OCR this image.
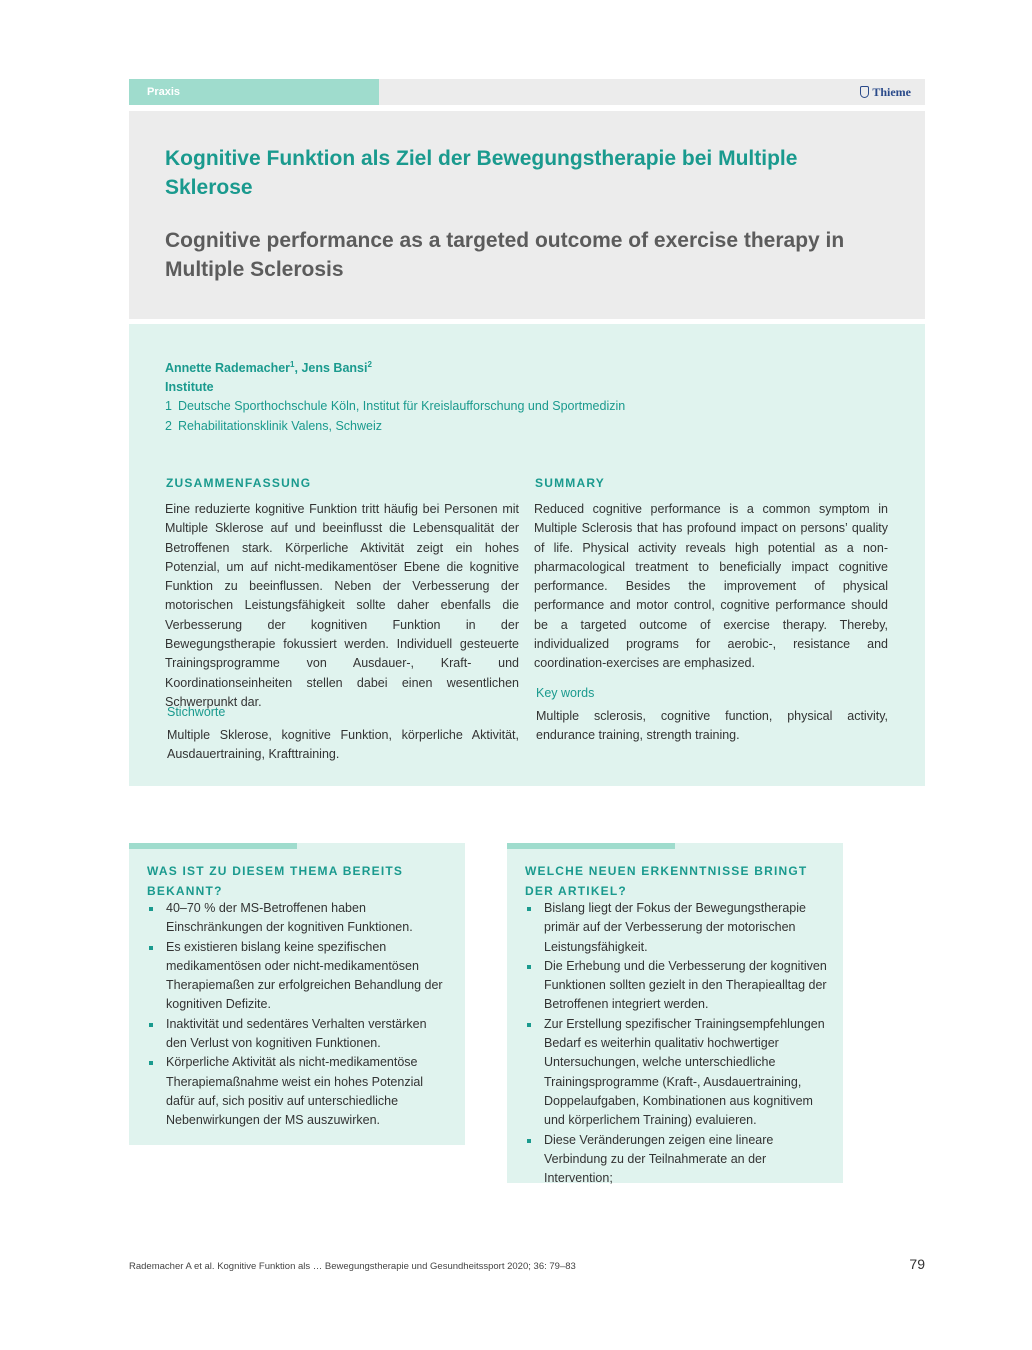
Praxis	Thieme
Kognitive Funktion als Ziel der Bewegungstherapie bei Multiple Sklerose
Cognitive performance as a targeted outcome of exercise therapy in Multiple Sclerosis
Annette Rademacher$^1$, Jens Bansi$^2$
Institute
1 Deutsche Sporthochschule Köln, Institut für Kreislaufforschung und Sportmedizin
2 Rehabilitationsklinik Valens, Schweiz
ZUSAMMENFASSUNG

Eine reduzierte kognitive Funktion tritt häufig bei Personen mit Multiple Sklerose auf und beeinflusst die Lebensqualität der Betroffenen stark. Körperliche Aktivität zeigt ein hohes Potenzial, um auf nicht-medikamentöser Ebene die kognitive Funktion zu beeinflussen. Neben der Verbesserung der motorischen Leistungsfähigkeit sollte daher ebenfalls die Verbesserung der kognitiven Funktion in der Bewegungstherapie fokussiert werden. Individuell gesteuerte Trainingsprogramme von Ausdauer-, Kraft- und Koordinationseinheiten stellen dabei einen wesentlichen Schwerpunkt dar.

Stichworte

Multiple Sklerose, kognitive Funktion, körperliche Aktivität, Ausdauertraining, Krafttraining.

SUMMARY

Reduced cognitive performance is a common symptom in Multiple Sclerosis that has profound impact on persons’ quality of life. Physical activity reveals high potential as a non-pharmacological treatment to beneficially impact cognitive performance. Besides the improvement of physical performance and motor control, cognitive performance should be a targeted outcome of exercise therapy. Thereby, individualized programs for aerobic-, resistance and coordination-exercises are emphasized.

Key words

Multiple sclerosis, cognitive function, physical activity, endurance training, strength training.

WAS IST ZU DIESEM THEMA BEREITS BEKANNT?
40–70 % der MS-Betroffenen haben Einschränkungen der kognitiven Funktionen.
Es existieren bislang keine spezifischen medikamentösen oder nicht-medikamentösen Therapiemaßen zur erfolgreichen Behandlung der kognitiven Defizite.
Inaktivität und sedentäres Verhalten verstärken den Verlust von kognitiven Funktionen.
Körperliche Aktivität als nicht-medikamentöse Therapiemaßnahme weist ein hohes Potenzial dafür auf, sich positiv auf unterschiedliche Nebenwirkungen der MS auszuwirken.
WELCHE NEUEN ERKENNTNISSE BRINGT DER ARTIKEL?
Bislang liegt der Fokus der Bewegungstherapie primär auf der Verbesserung der motorischen Leistungsfähigkeit.
Die Erhebung und die Verbesserung der kognitiven Funktionen sollten gezielt in den Therapiealltag der Betroffenen integriert werden.
Zur Erstellung spezifischer Trainingsempfehlungen Bedarf es weiterhin qualitativ hochwertiger Untersuchungen, welche unterschiedliche Trainingsprogramme (Kraft-, Ausdauertraining, Doppelaufgaben, Kombinationen aus kognitivem und körperlichem Training) evaluieren.
Diese Veränderungen zeigen eine lineare Verbindung zu der Teilnahmerate an der Intervention;
Rademacher A et al. Kognitive Funktion als … Bewegungstherapie und Gesundheitssport 2020; 36: 79–83	79
